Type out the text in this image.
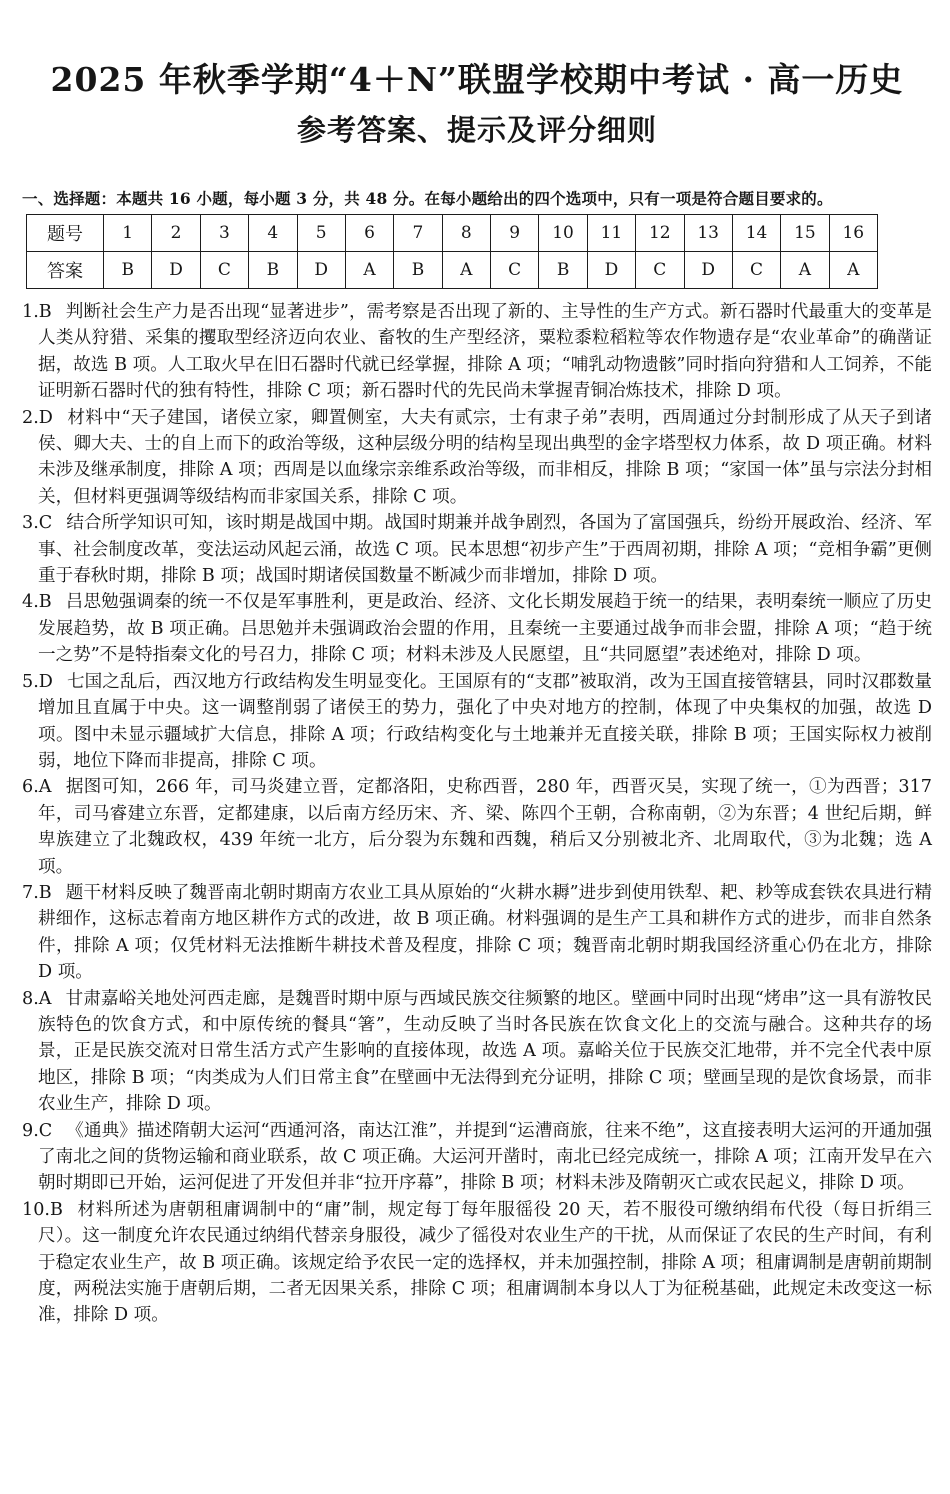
2025 年秋季学期“4＋N”联盟学校期中考试 · 高一历史
参考答案、提示及评分细则

一、选择题：本题共 16 小题，每小题 3 分，共 48 分。在每小题给出的四个选项中，只有一项是符合题目要求的。

题号	1	2	3	4	5	6	7	8	9	10	11	12	13	14	15	16
答案	B	D	C	B	D	A	B	A	C	B	D	C	D	C	A	A

1.B 判断社会生产力是否出现“显著进步”，需考察是否出现了新的、主导性的生产方式。新石器时代最重大的变革是人类从狩猎、采集的攫取型经济迈向农业、畜牧的生产型经济，粟粒黍粒稻粒等农作物遗存是“农业革命”的确凿证据，故选 B 项。人工取火早在旧石器时代就已经掌握，排除 A 项；“哺乳动物遗骸”同时指向狩猎和人工饲养，不能证明新石器时代的独有特性，排除 C 项；新石器时代的先民尚未掌握青铜冶炼技术，排除 D 项。

2.D 材料中“天子建国，诸侯立家，卿置侧室，大夫有贰宗，士有隶子弟”表明，西周通过分封制形成了从天子到诸侯、卿大夫、士的自上而下的政治等级，这种层级分明的结构呈现出典型的金字塔型权力体系，故 D 项正确。材料未涉及继承制度，排除 A 项；西周是以血缘宗亲维系政治等级，而非相反，排除 B 项；“家国一体”虽与宗法分封相关，但材料更强调等级结构而非家国关系，排除 C 项。

3.C 结合所学知识可知，该时期是战国中期。战国时期兼并战争剧烈，各国为了富国强兵，纷纷开展政治、经济、军事、社会制度改革，变法运动风起云涌，故选 C 项。民本思想“初步产生”于西周初期，排除 A 项；“竞相争霸”更侧重于春秋时期，排除 B 项；战国时期诸侯国数量不断减少而非增加，排除 D 项。

4.B 吕思勉强调秦的统一不仅是军事胜利，更是政治、经济、文化长期发展趋于统一的结果，表明秦统一顺应了历史发展趋势，故 B 项正确。吕思勉并未强调政治会盟的作用，且秦统一主要通过战争而非会盟，排除 A 项；“趋于统一之势”不是特指秦文化的号召力，排除 C 项；材料未涉及人民愿望，且“共同愿望”表述绝对，排除 D 项。

5.D 七国之乱后，西汉地方行政结构发生明显变化。王国原有的“支郡”被取消，改为王国直接管辖县，同时汉郡数量增加且直属于中央。这一调整削弱了诸侯王的势力，强化了中央对地方的控制，体现了中央集权的加强，故选 D 项。图中未显示疆域扩大信息，排除 A 项；行政结构变化与土地兼并无直接关联，排除 B 项；王国实际权力被削弱，地位下降而非提高，排除 C 项。

6.A 据图可知，266 年，司马炎建立晋，定都洛阳，史称西晋，280 年，西晋灭吴，实现了统一，①为西晋；317 年，司马睿建立东晋，定都建康，以后南方经历宋、齐、梁、陈四个王朝，合称南朝，②为东晋；4 世纪后期，鲜卑族建立了北魏政权，439 年统一北方，后分裂为东魏和西魏，稍后又分别被北齐、北周取代，③为北魏；选 A 项。

7.B 题干材料反映了魏晋南北朝时期南方农业工具从原始的“火耕水耨”进步到使用铁犁、耙、耖等成套铁农具进行精耕细作，这标志着南方地区耕作方式的改进，故 B 项正确。材料强调的是生产工具和耕作方式的进步，而非自然条件，排除 A 项；仅凭材料无法推断牛耕技术普及程度，排除 C 项；魏晋南北朝时期我国经济重心仍在北方，排除 D 项。

8.A 甘肃嘉峪关地处河西走廊，是魏晋时期中原与西域民族交往频繁的地区。壁画中同时出现“烤串”这一具有游牧民族特色的饮食方式，和中原传统的餐具“箸”，生动反映了当时各民族在饮食文化上的交流与融合。这种共存的场景，正是民族交流对日常生活方式产生影响的直接体现，故选 A 项。嘉峪关位于民族交汇地带，并不完全代表中原地区，排除 B 项；“肉类成为人们日常主食”在壁画中无法得到充分证明，排除 C 项；壁画呈现的是饮食场景，而非农业生产，排除 D 项。

9.C 《通典》描述隋朝大运河“西通河洛，南达江淮”，并提到“运漕商旅，往来不绝”，这直接表明大运河的开通加强了南北之间的货物运输和商业联系，故 C 项正确。大运河开凿时，南北已经完成统一，排除 A 项；江南开发早在六朝时期即已开始，运河促进了开发但并非“拉开序幕”，排除 B 项；材料未涉及隋朝灭亡或农民起义，排除 D 项。

10.B 材料所述为唐朝租庸调制中的“庸”制，规定每丁每年服徭役 20 天，若不服役可缴纳绢布代役（每日折绢三尺）。这一制度允许农民通过纳绢代替亲身服役，减少了徭役对农业生产的干扰，从而保证了农民的生产时间，有利于稳定农业生产，故 B 项正确。该规定给予农民一定的选择权，并未加强控制，排除 A 项；租庸调制是唐朝前期制度，两税法实施于唐朝后期，二者无因果关系，排除 C 项；租庸调制本身以人丁为征税基础，此规定未改变这一标准，排除 D 项。
